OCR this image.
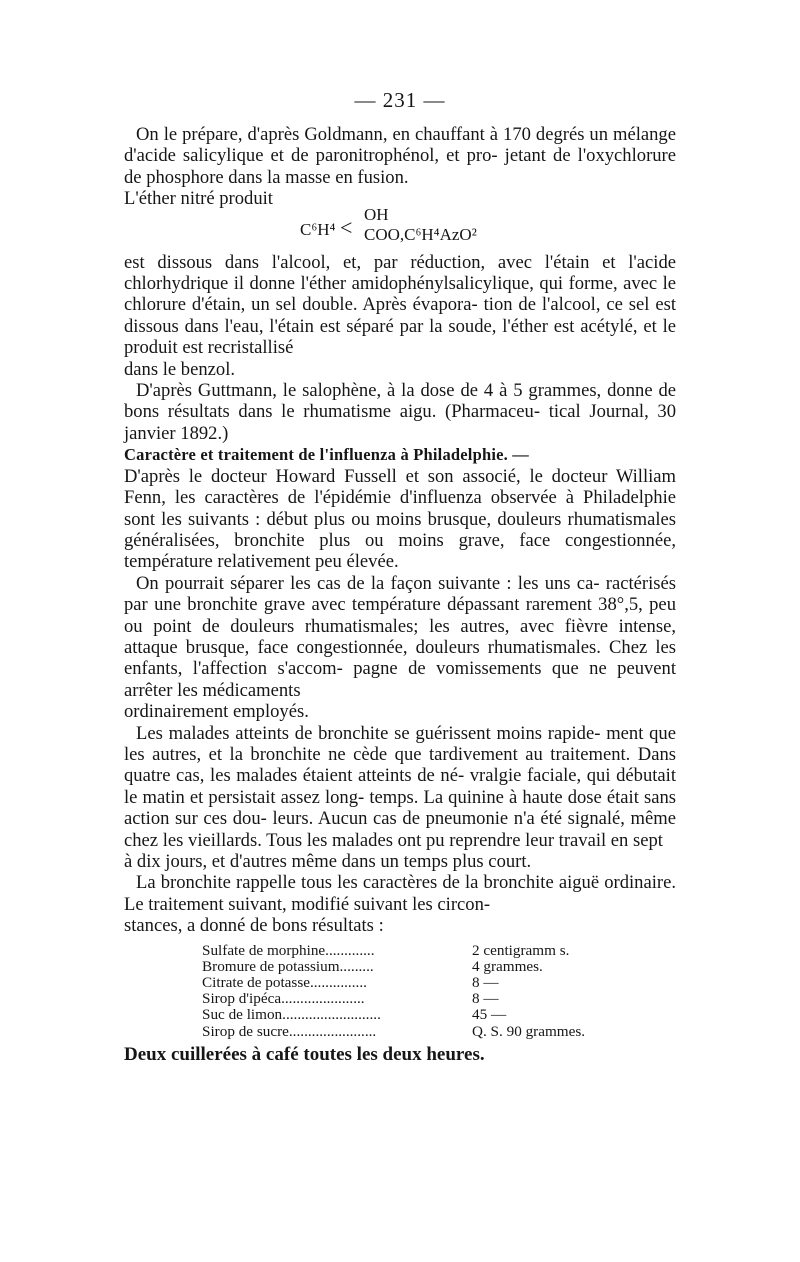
— 231 —

On le prépare, d'après Goldmann, en chauffant à 170 degrés un mélange d'acide salicylique et de paronitrophénol, et pro- jetant de l'oxychlorure de phosphore dans la masse en fusion.
L'éther nitré produit

C⁶H⁴ <
OH
COO,C⁶H⁴AzO²

est dissous dans l'alcool, et, par réduction, avec l'étain et l'acide chlorhydrique il donne l'éther amidophénylsalicylique, qui forme, avec le chlorure d'étain, un sel double. Après évapora- tion de l'alcool, ce sel est dissous dans l'eau, l'étain est séparé par la soude, l'éther est acétylé, et le produit est recristallisé
dans le benzol.

D'après Guttmann, le salophène, à la dose de 4 à 5 grammes, donne de bons résultats dans le rhumatisme aigu. (Pharmaceu- tical Journal, 30 janvier 1892.)

Caractère et traitement de l'influenza à Philadelphie. —

D'après le docteur Howard Fussell et son associé, le docteur William Fenn, les caractères de l'épidémie d'influenza observée à Philadelphie sont les suivants : début plus ou moins brusque, douleurs rhumatismales généralisées, bronchite plus ou moins grave, face congestionnée, température relativement peu élevée.

On pourrait séparer les cas de la façon suivante : les uns ca- ractérisés par une bronchite grave avec température dépassant rarement 38°,5, peu ou point de douleurs rhumatismales; les autres, avec fièvre intense, attaque brusque, face congestionnée, douleurs rhumatismales. Chez les enfants, l'affection s'accom- pagne de vomissements que ne peuvent arrêter les médicaments
ordinairement employés.

Les malades atteints de bronchite se guérissent moins rapide- ment que les autres, et la bronchite ne cède que tardivement au traitement. Dans quatre cas, les malades étaient atteints de né- vralgie faciale, qui débutait le matin et persistait assez long- temps. La quinine à haute dose était sans action sur ces dou- leurs. Aucun cas de pneumonie n'a été signalé, même chez les vieillards. Tous les malades ont pu reprendre leur travail en sept
à dix jours, et d'autres même dans un temps plus court.

La bronchite rappelle tous les caractères de la bronchite aiguë ordinaire. Le traitement suivant, modifié suivant les circon-
stances, a donné de bons résultats :

Sulfate de morphine.............	2 centigramm s.
Bromure de potassium.........	4 grammes.
Citrate de potasse...............	8 —
Sirop d'ipéca......................	8 —
Suc de limon..........................	45 —
Sirop de sucre.......................	Q. S. 90 grammes.

Deux cuillerées à café toutes les deux heures.
